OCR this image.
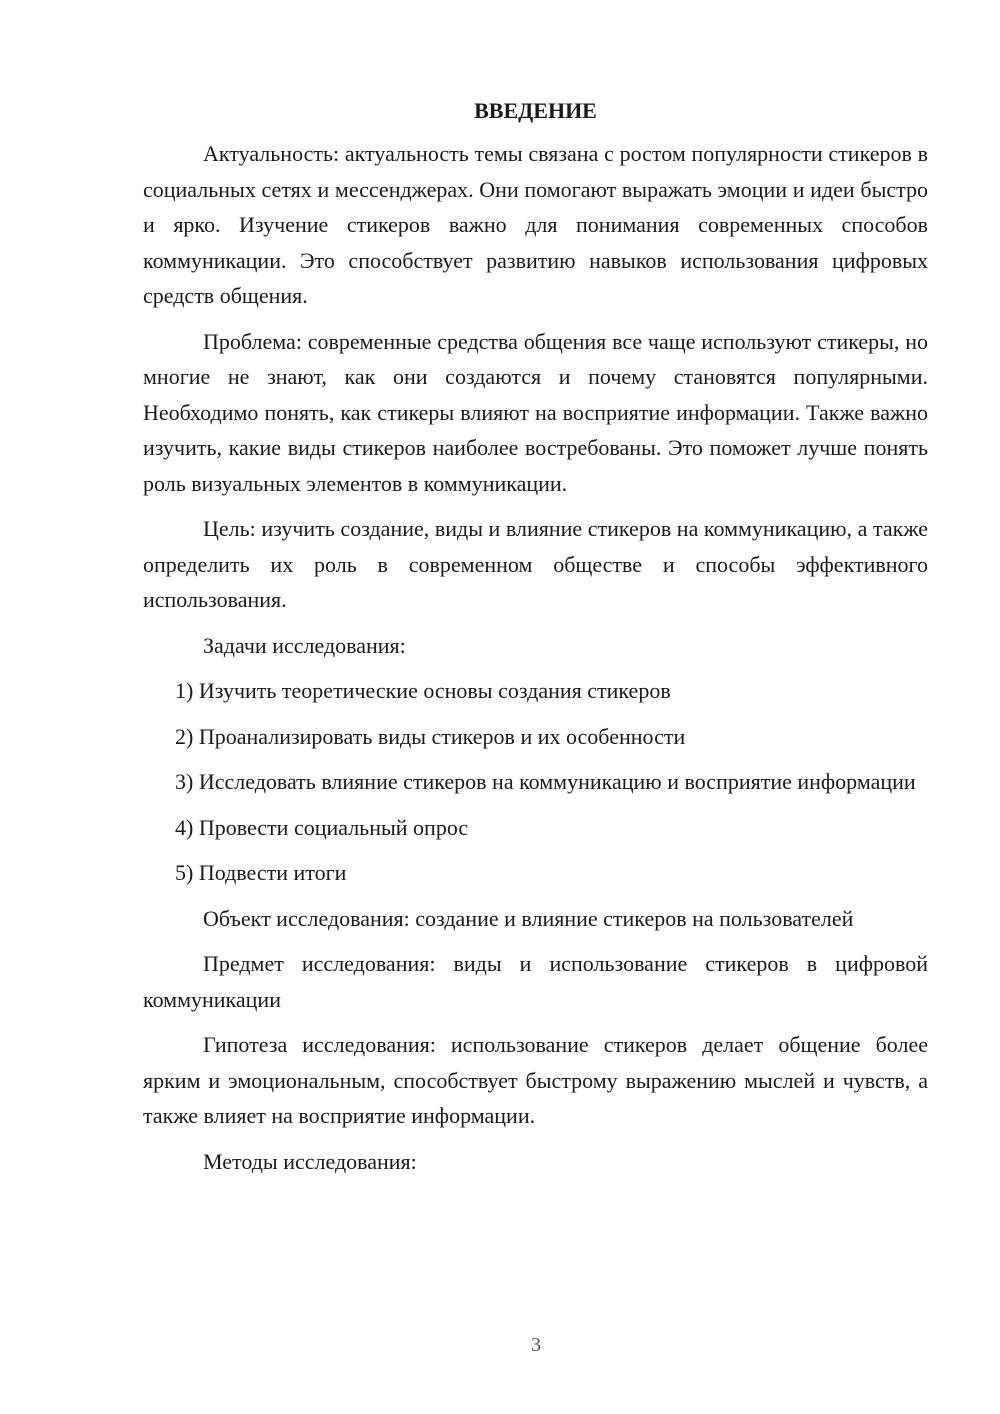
ВВЕДЕНИЕ
Актуальность: актуальность темы связана с ростом популярности стикеров в социальных сетях и мессенджерах. Они помогают выражать эмоции и идеи быстро и ярко. Изучение стикеров важно для понимания современных способов коммуникации. Это способствует развитию навыков использования цифровых средств общения.
Проблема: современные средства общения все чаще используют стикеры, но многие не знают, как они создаются и почему становятся популярными. Необходимо понять, как стикеры влияют на восприятие информации. Также важно изучить, какие виды стикеров наиболее востребованы. Это поможет лучше понять роль визуальных элементов в коммуникации.
Цель: изучить создание, виды и влияние стикеров на коммуникацию, а также определить их роль в современном обществе и способы эффективного использования.
Задачи исследования:
1) Изучить теоретические основы создания стикеров
2) Проанализировать виды стикеров и их особенности
3) Исследовать влияние стикеров на коммуникацию и восприятие информации
4) Провести социальный опрос
5) Подвести итоги
Объект исследования: создание и влияние стикеров на пользователей
Предмет исследования: виды и использование стикеров в цифровой коммуникации
Гипотеза исследования: использование стикеров делает общение более ярким и эмоциональным, способствует быстрому выражению мыслей и чувств, а также влияет на восприятие информации.
Методы исследования:
3
